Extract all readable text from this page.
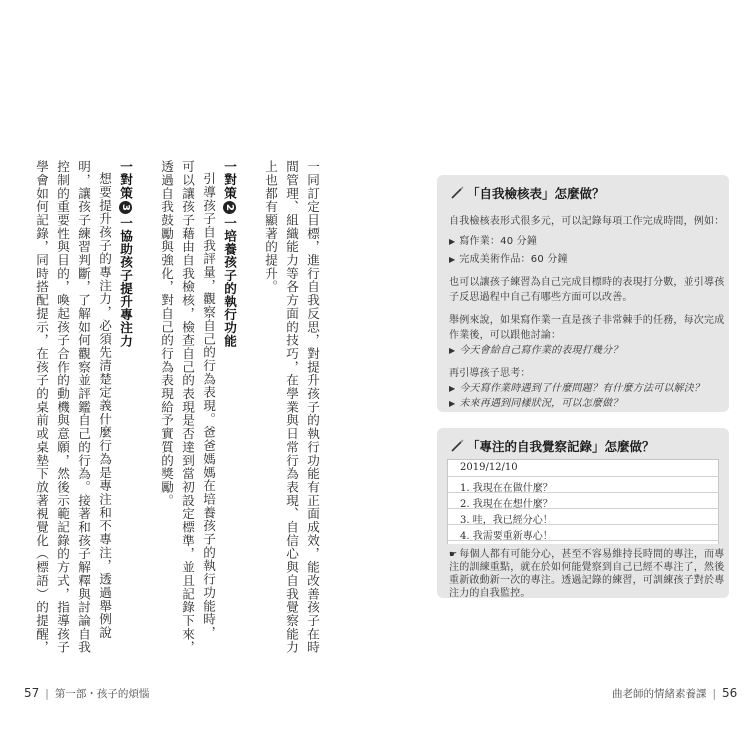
一同訂定目標，進行自我反思，對提升孩子的執行功能有正面成效，能改善孩子在時
間管理、組織能力等各方面的技巧，在學業與日常行為表現、自信心與自我覺察能力
上也都有顯著的提升。
一對策2一培養孩子的執行功能
引導孩子自我評量，觀察自己的行為表現。爸爸媽媽在培養孩子的執行功能時，
可以讓孩子藉由自我檢核，檢查自己的表現是否達到當初設定標準，並且記錄下來，
透過自我鼓勵與強化，對自己的行為表現給予實質的獎勵。
一對策3一協助孩子提升專注力
想要提升孩子的專注力，必須先清楚定義什麼行為是專注和不專注，透過舉例說
明，讓孩子練習判斷，了解如何觀察並評鑑自己的行為。接著和孩子解釋與討論自我
控制的重要性與目的，喚起孩子合作的動機與意願，然後示範記錄的方式，指導孩子
學會如何記錄，同時搭配提示，在孩子的桌前或桌墊下放著視覺化（標語）的提醒，
57 | 第一部・孩子的煩惱
「自我檢核表」怎麼做？
自我檢核表形式很多元，可以記錄每項工作完成時間，例如：
▶ 寫作業：40 分鐘
▶ 完成美術作品：60 分鐘
也可以讓孩子練習為自己完成目標時的表現打分數，並引導孩
子反思過程中自己有哪些方面可以改善。
舉例來說，如果寫作業一直是孩子非常棘手的任務，每次完成
作業後，可以跟他討論：
▶ 今天會給自己寫作業的表現打幾分？
再引導孩子思考：
▶ 今天寫作業時遇到了什麼問題？有什麼方法可以解決？
▶ 未來再遇到同樣狀況，可以怎麼做？
「專注的自我覺察記錄」怎麼做？
2019/12/10
1. 我現在在做什麼？
2. 我現在在想什麼？
3. 哇，我已經分心！
4. 我需要重新專心！
☛ 每個人都有可能分心，甚至不容易維持長時間的專注，而專
注的訓練重點，就在於如何能覺察到自己已經不專注了，然後
重新啟動新一次的專注。透過記錄的練習，可訓練孩子對於專
注力的自我監控。
曲老師的情緒素養課 | 56
